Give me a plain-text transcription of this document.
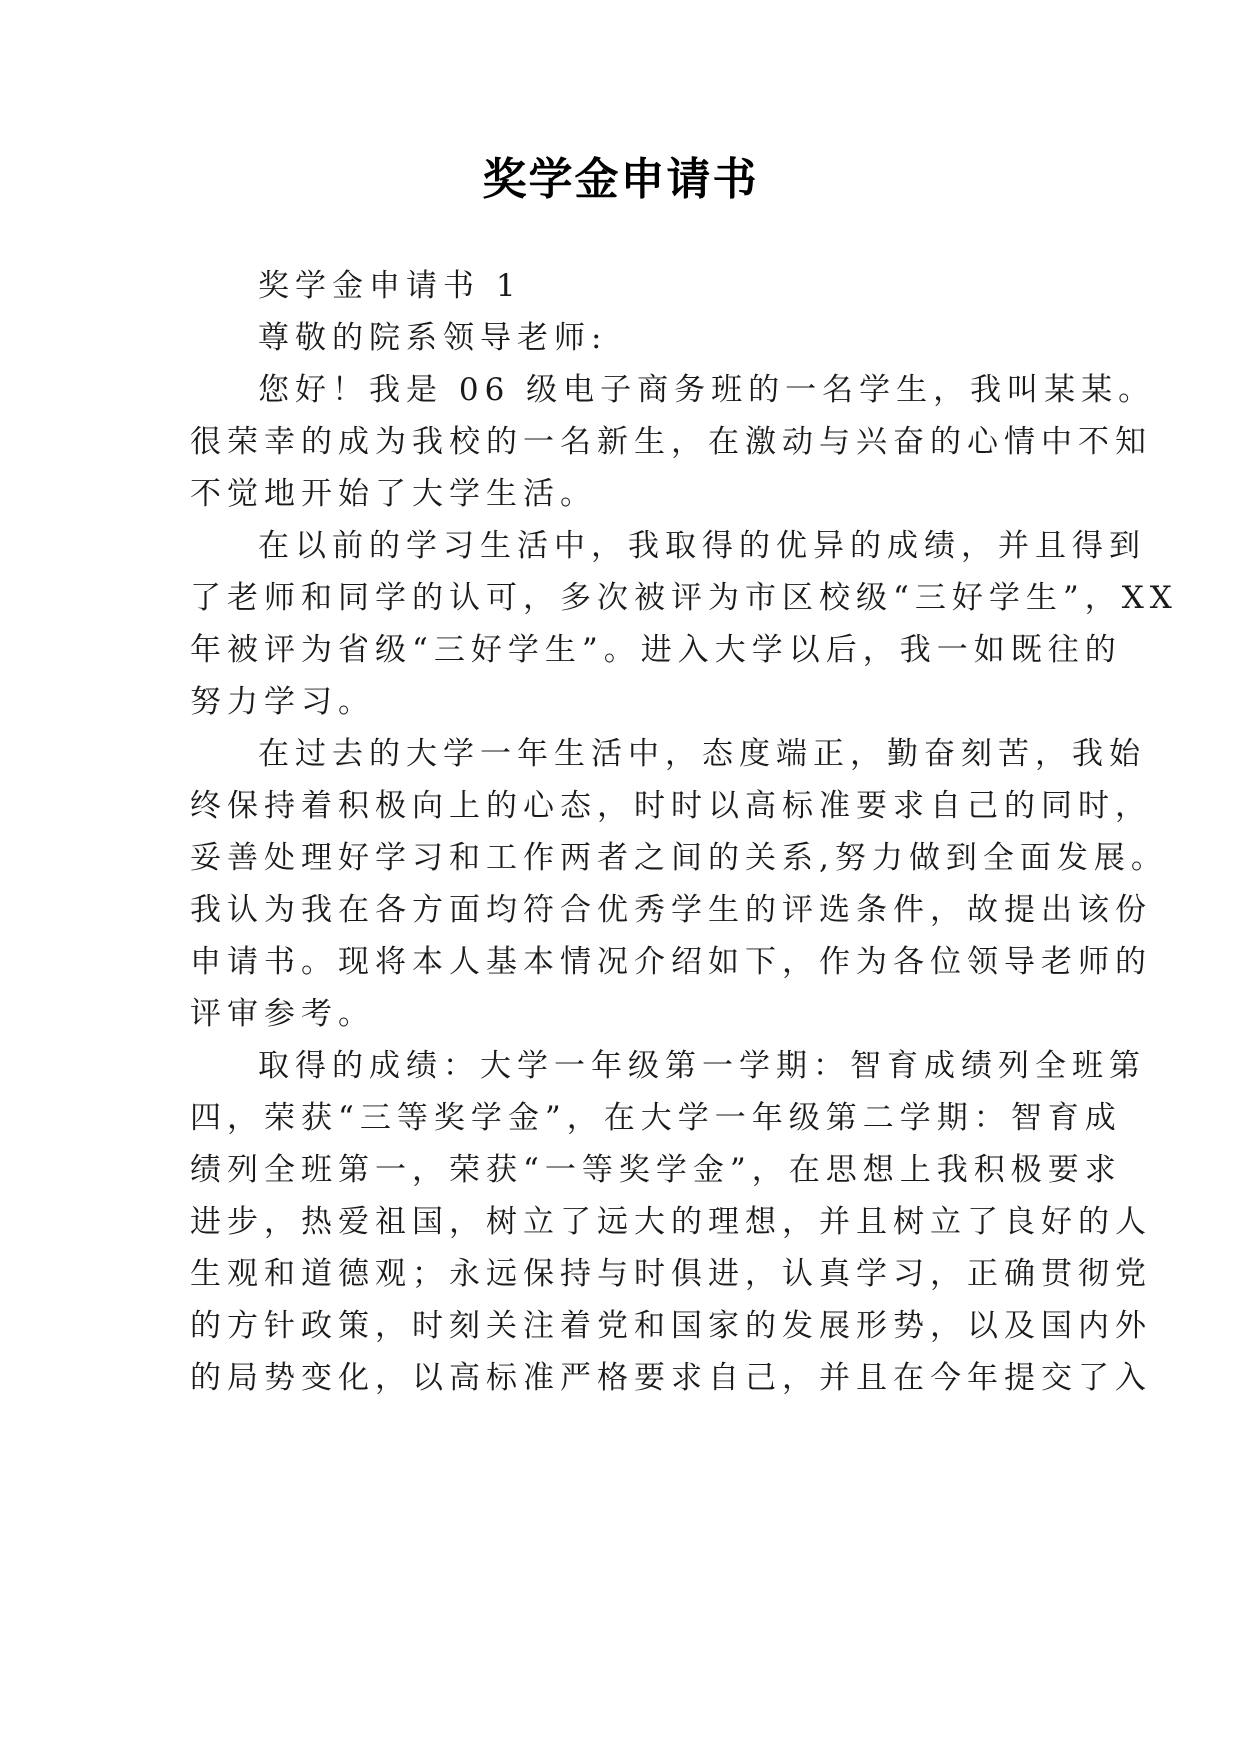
奖学金申请书
奖学金申请书 1
尊敬的院系领导老师:
您好！我是 06 级电子商务班的一名学生，我叫某某。
很荣幸的成为我校的一名新生，在激动与兴奋的心情中不知
不觉地开始了大学生活。
在以前的学习生活中，我取得的优异的成绩，并且得到
了老师和同学的认可，多次被评为市区校级“三好学生”，XX
年被评为省级“三好学生”。进入大学以后，我一如既往的
努力学习。
在过去的大学一年生活中，态度端正，勤奋刻苦，我始
终保持着积极向上的心态，时时以高标准要求自己的同时，
妥善处理好学习和工作两者之间的关系,努力做到全面发展。
我认为我在各方面均符合优秀学生的评选条件，故提出该份
申请书。现将本人基本情况介绍如下，作为各位领导老师的
评审参考。
取得的成绩：大学一年级第一学期：智育成绩列全班第
四，荣获“三等奖学金”，在大学一年级第二学期：智育成
绩列全班第一，荣获“一等奖学金”，在思想上我积极要求
进步，热爱祖国，树立了远大的理想，并且树立了良好的人
生观和道德观；永远保持与时俱进，认真学习，正确贯彻党
的方针政策，时刻关注着党和国家的发展形势，以及国内外
的局势变化，以高标准严格要求自己，并且在今年提交了入
